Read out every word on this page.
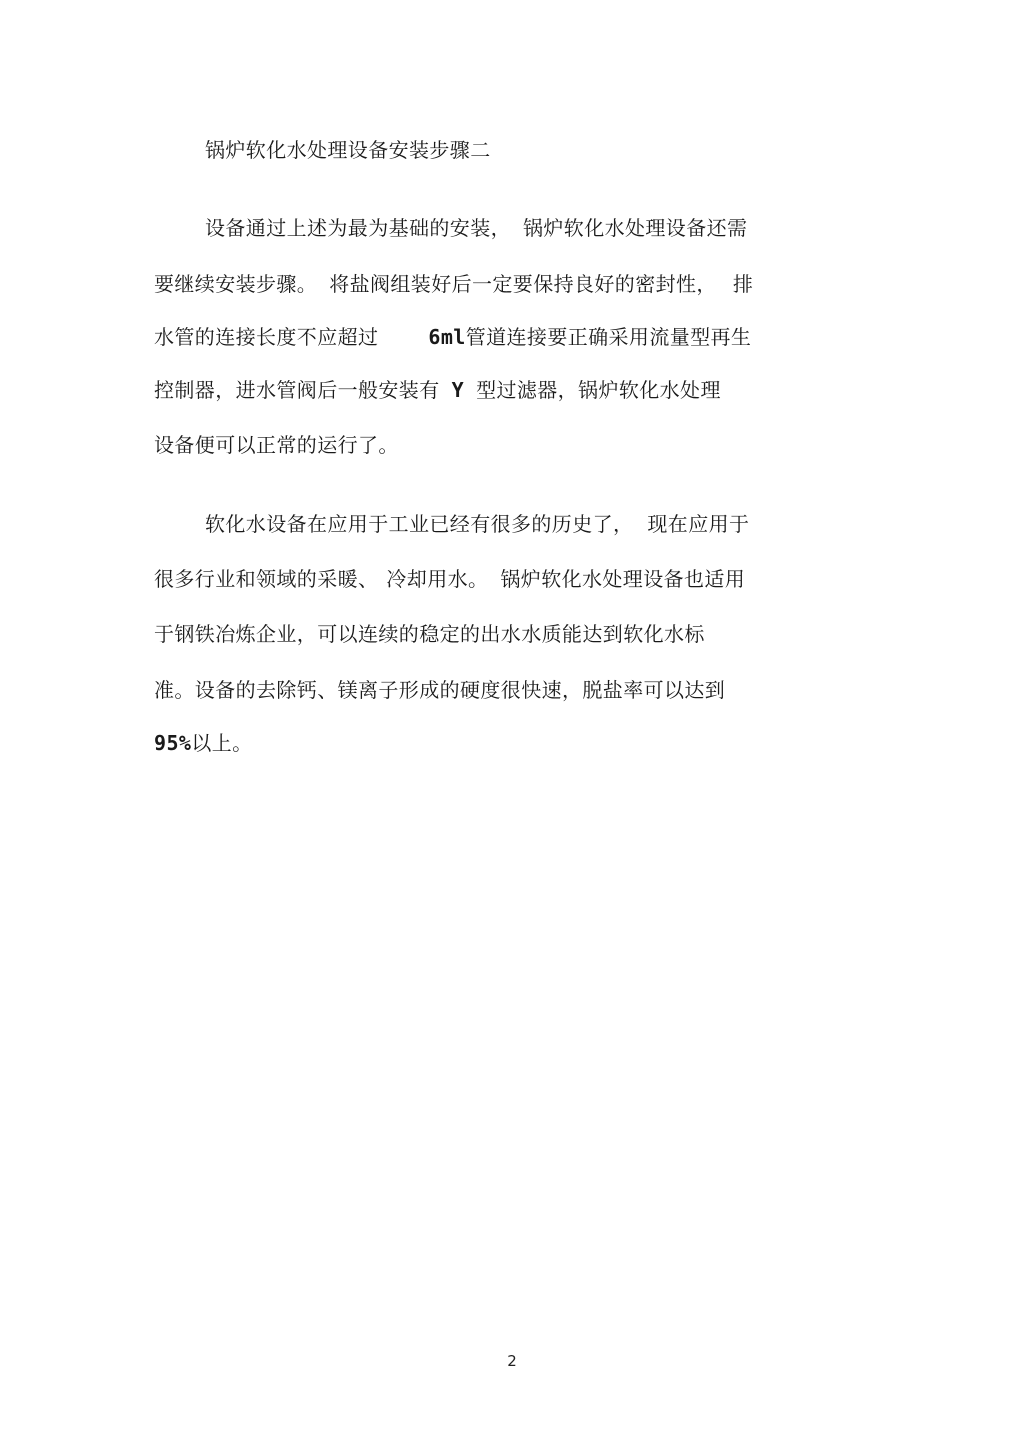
锅炉软化水处理设备安装步骤二
设备通过上述为最为基础的安装， 锅炉软化水处理设备还需
要继续安装步骤。 将盐阀组装好后一定要保持良好的密封性， 排
水管的连接长度不应超过	6ml管道连接要正确采用流量型再生
控制器，进水管阀后一般安装有 Y 型过滤器，锅炉软化水处理
设备便可以正常的运行了。
软化水设备在应用于工业已经有很多的历史了， 现在应用于
很多行业和领域的采暖、 冷却用水。 锅炉软化水处理设备也适用
于钢铁冶炼企业，可以连续的稳定的出水水质能达到软化水标
准。设备的去除钙、镁离子形成的硬度很快速，脱盐率可以达到
95%以上。
2
